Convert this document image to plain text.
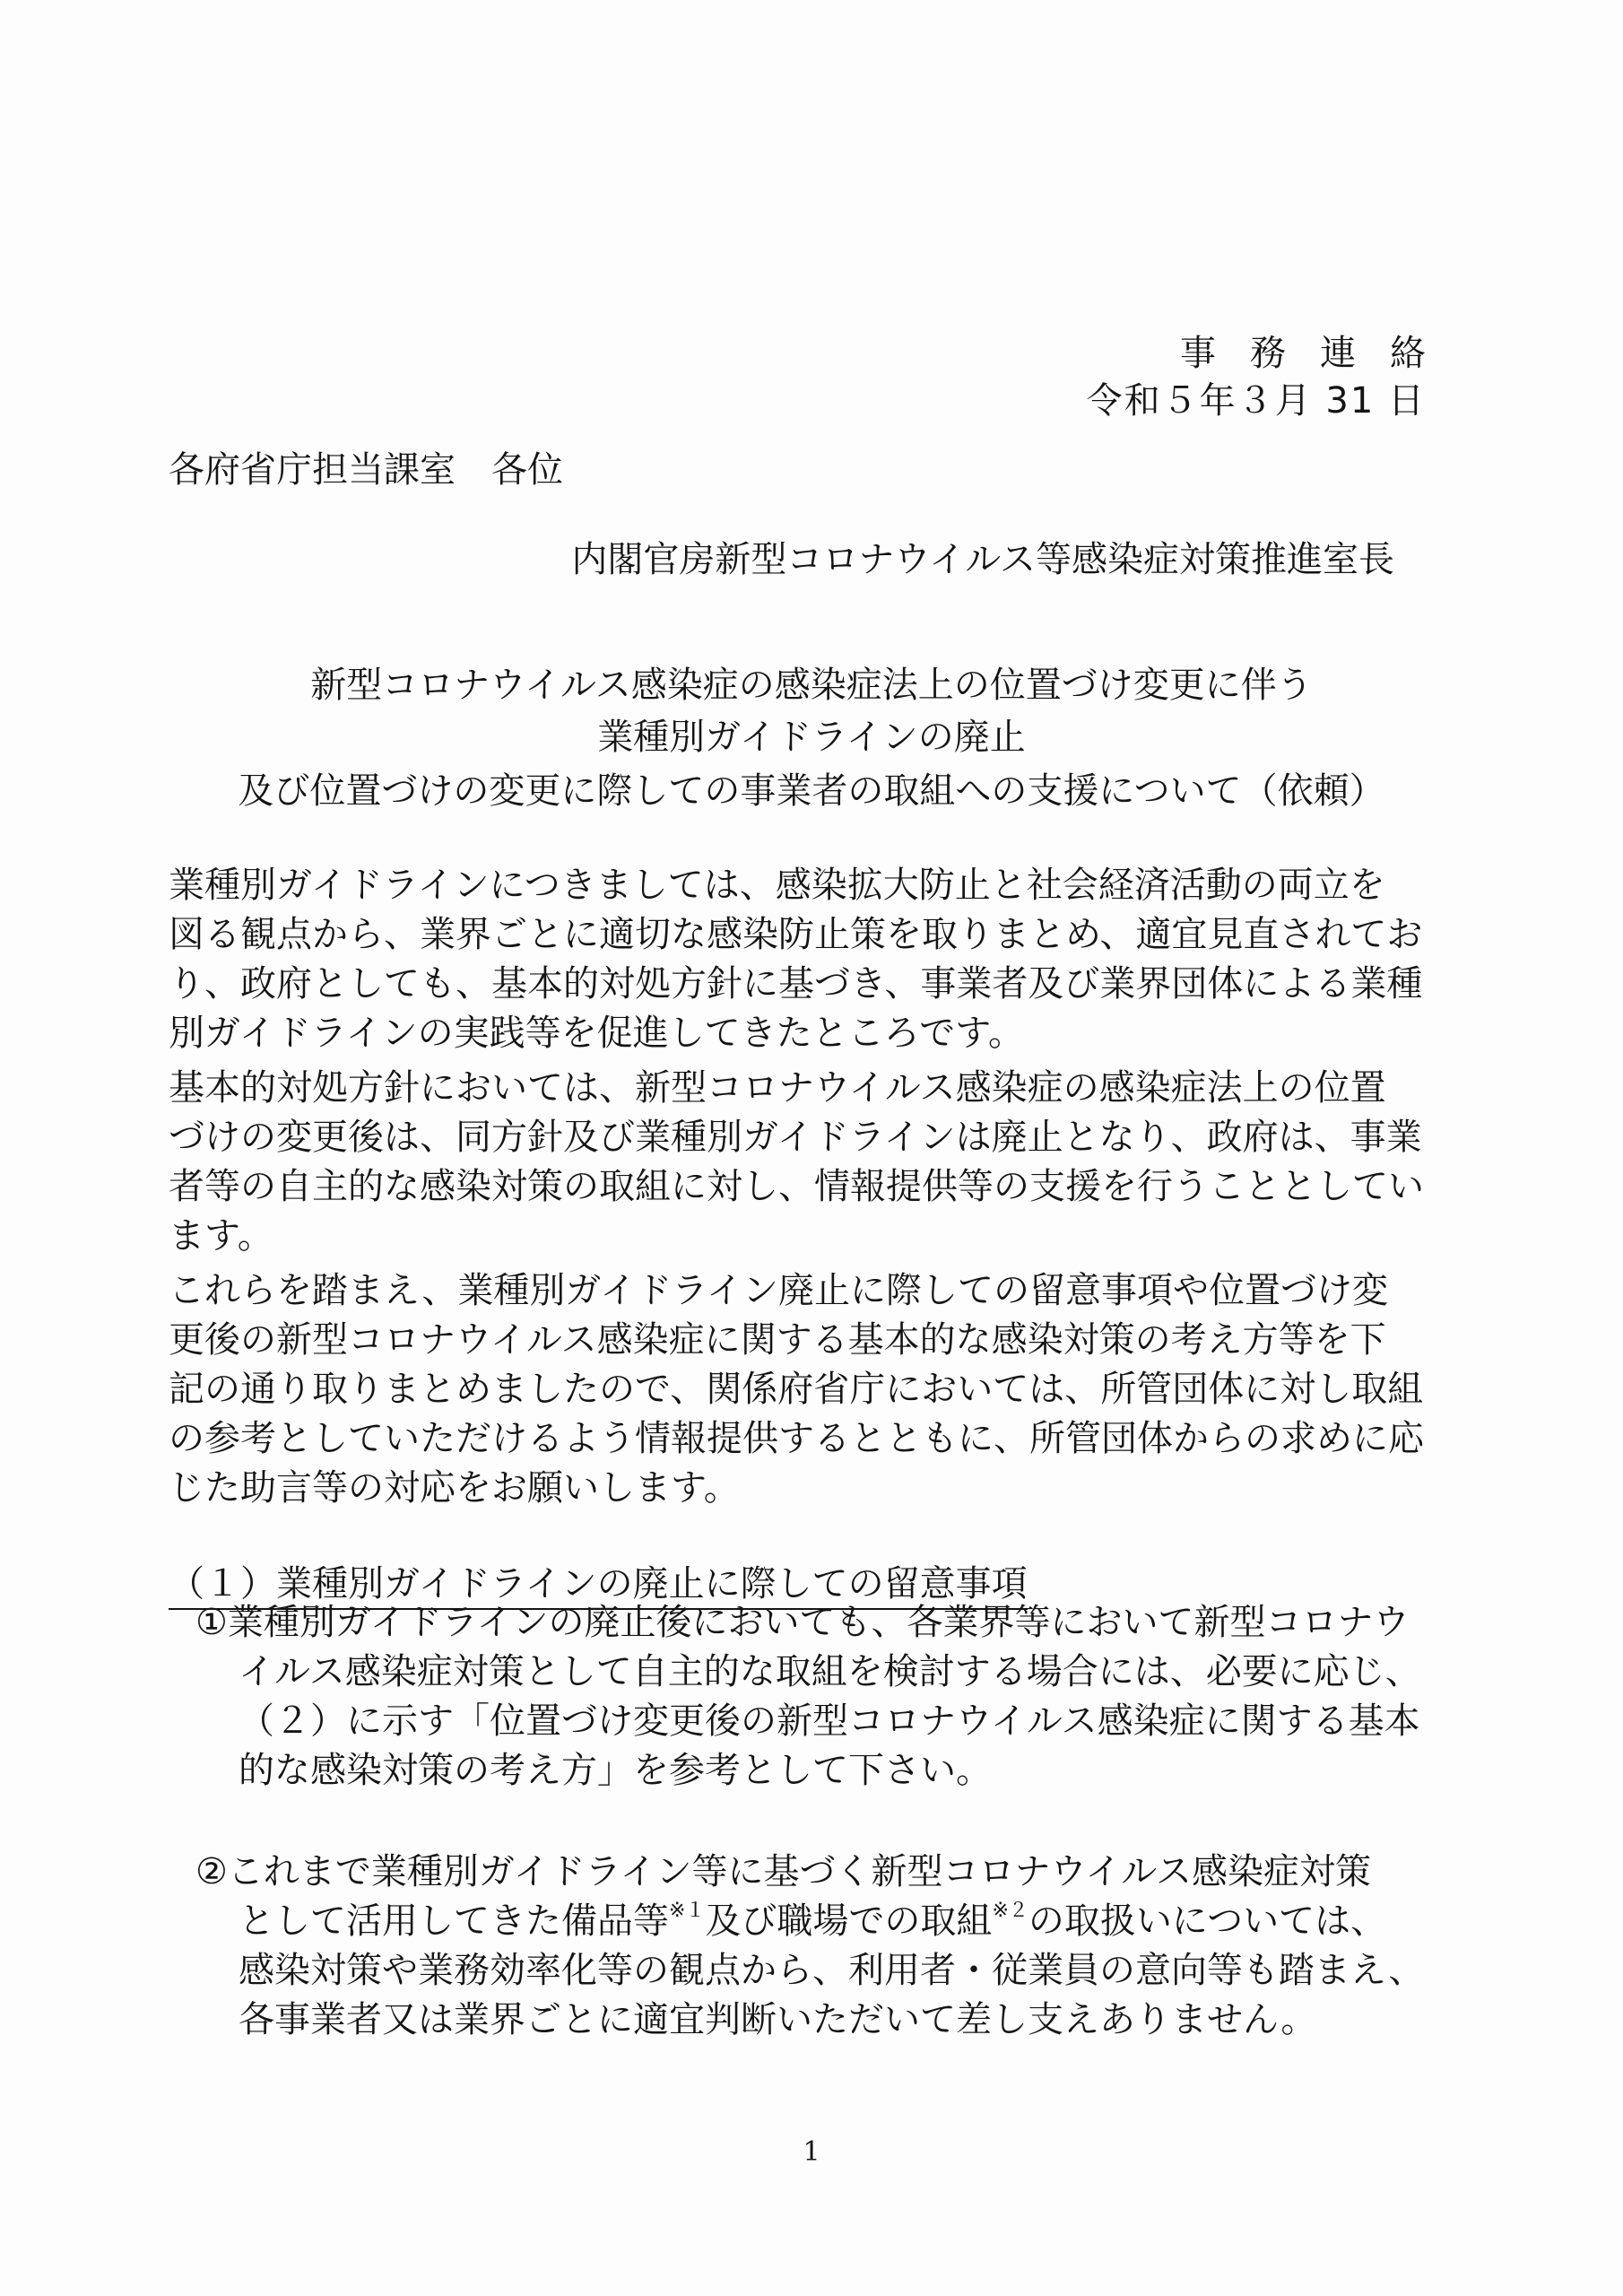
事務連絡
令和５年３月 31 日
各府省庁担当課室　各位
内閣官房新型コロナウイルス等感染症対策推進室長
新型コロナウイルス感染症の感染症法上の位置づけ変更に伴う
業種別ガイドラインの廃止
及び位置づけの変更に際しての事業者の取組への支援について（依頼）
業種別ガイドラインにつきましては、感染拡大防止と社会経済活動の両立を
図る観点から、業界ごとに適切な感染防止策を取りまとめ、適宜見直されてお
り、政府としても、基本的対処方針に基づき、事業者及び業界団体による業種
別ガイドラインの実践等を促進してきたところです。
基本的対処方針においては、新型コロナウイルス感染症の感染症法上の位置
づけの変更後は、同方針及び業種別ガイドラインは廃止となり、政府は、事業
者等の自主的な感染対策の取組に対し、情報提供等の支援を行うこととしてい
ます。
これらを踏まえ、業種別ガイドライン廃止に際しての留意事項や位置づけ変
更後の新型コロナウイルス感染症に関する基本的な感染対策の考え方等を下
記の通り取りまとめましたので、関係府省庁においては、所管団体に対し取組
の参考としていただけるよう情報提供するとともに、所管団体からの求めに応
じた助言等の対応をお願いします。
（１）業種別ガイドラインの廃止に際しての留意事項
①業種別ガイドラインの廃止後においても、各業界等において新型コロナウ
イルス感染症対策として自主的な取組を検討する場合には、必要に応じ、
（２）に示す「位置づけ変更後の新型コロナウイルス感染症に関する基本
的な感染対策の考え方」を参考として下さい。
②これまで業種別ガイドライン等に基づく新型コロナウイルス感染症対策
として活用してきた備品等$^{※1}$及び職場での取組$^{※2}$の取扱いについては、
感染対策や業務効率化等の観点から、利用者・従業員の意向等も踏まえ、
各事業者又は業界ごとに適宜判断いただいて差し支えありません。
1
